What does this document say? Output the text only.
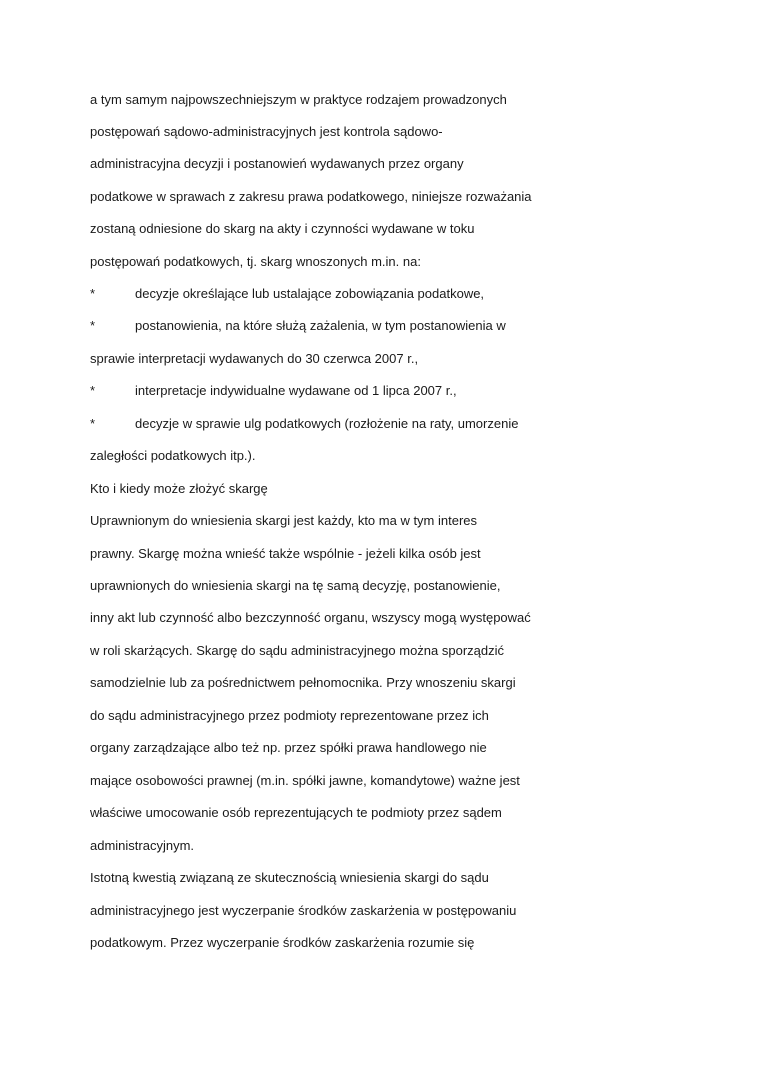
a tym samym najpowszechniejszym w praktyce rodzajem prowadzonych
postępowań sądowo-administracyjnych jest kontrola sądowo-
administracyjna decyzji i postanowień wydawanych przez organy
podatkowe w sprawach z zakresu prawa podatkowego, niniejsze rozważania
zostaną odniesione do skarg na akty i czynności wydawane w toku
postępowań podatkowych, tj. skarg wnoszonych m.in. na:
*	decyzje określające lub ustalające zobowiązania podatkowe,
*	postanowienia, na które służą zażalenia, w tym postanowienia w
sprawie interpretacji wydawanych do 30 czerwca 2007 r.,
*	interpretacje indywidualne wydawane od 1 lipca 2007 r.,
*	decyzje w sprawie ulg podatkowych (rozłożenie na raty, umorzenie
zaległości podatkowych itp.).
Kto i kiedy może złożyć skargę
Uprawnionym do wniesienia skargi jest każdy, kto ma w tym interes
prawny. Skargę można wnieść także wspólnie - jeżeli kilka osób jest
uprawnionych do wniesienia skargi na tę samą decyzję, postanowienie,
inny akt lub czynność albo bezczynność organu, wszyscy mogą występować
w roli skarżących. Skargę do sądu administracyjnego można sporządzić
samodzielnie lub za pośrednictwem pełnomocnika. Przy wnoszeniu skargi
do sądu administracyjnego przez podmioty reprezentowane przez ich
organy zarządzające albo też np. przez spółki prawa handlowego nie
mające osobowości prawnej (m.in. spółki jawne, komandytowe) ważne jest
właściwe umocowanie osób reprezentujących te podmioty przez sądem
administracyjnym.
Istotną kwestią związaną ze skutecznością wniesienia skargi do sądu
administracyjnego jest wyczerpanie środków zaskarżenia w postępowaniu
podatkowym. Przez wyczerpanie środków zaskarżenia rozumie się
